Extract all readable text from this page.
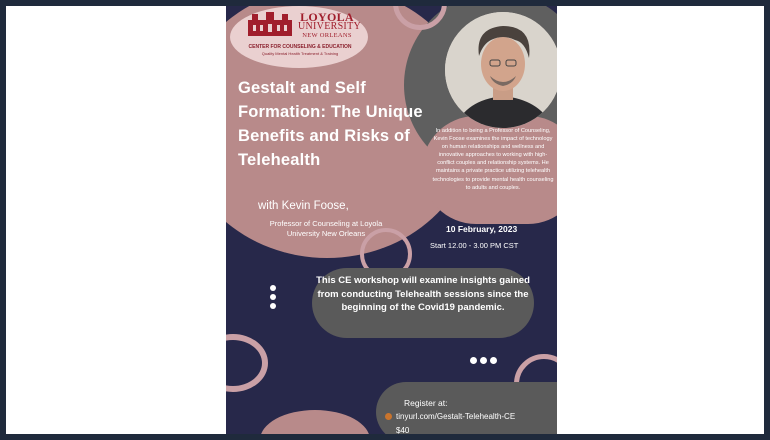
LOYOLA
UNIVERSITY
NEW ORLEANS
CENTER FOR COUNSELING & EDUCATION
Quality Mental Health Treatment & Training
Gestalt and Self Formation: The Unique Benefits and Risks of Telehealth
with Kevin Foose,
Professor of Counseling at Loyola University New Orleans
In addition to being a Professor of Counseling, Kevin Foose examines the impact of technology on human relationships and wellness and innovative approaches to working with high-conflict couples and relationship systems. He maintains a private practice utilizing telehealth technologies to provide mental health counseling to adults and couples.
10 February, 2023
Start 12.00 - 3.00 PM CST
This CE workshop will examine insights gained from conducting Telehealth sessions since the beginning of the Covid19 pandemic.
Register at:
tinyurl.com/Gestalt-Telehealth-CE
$40
